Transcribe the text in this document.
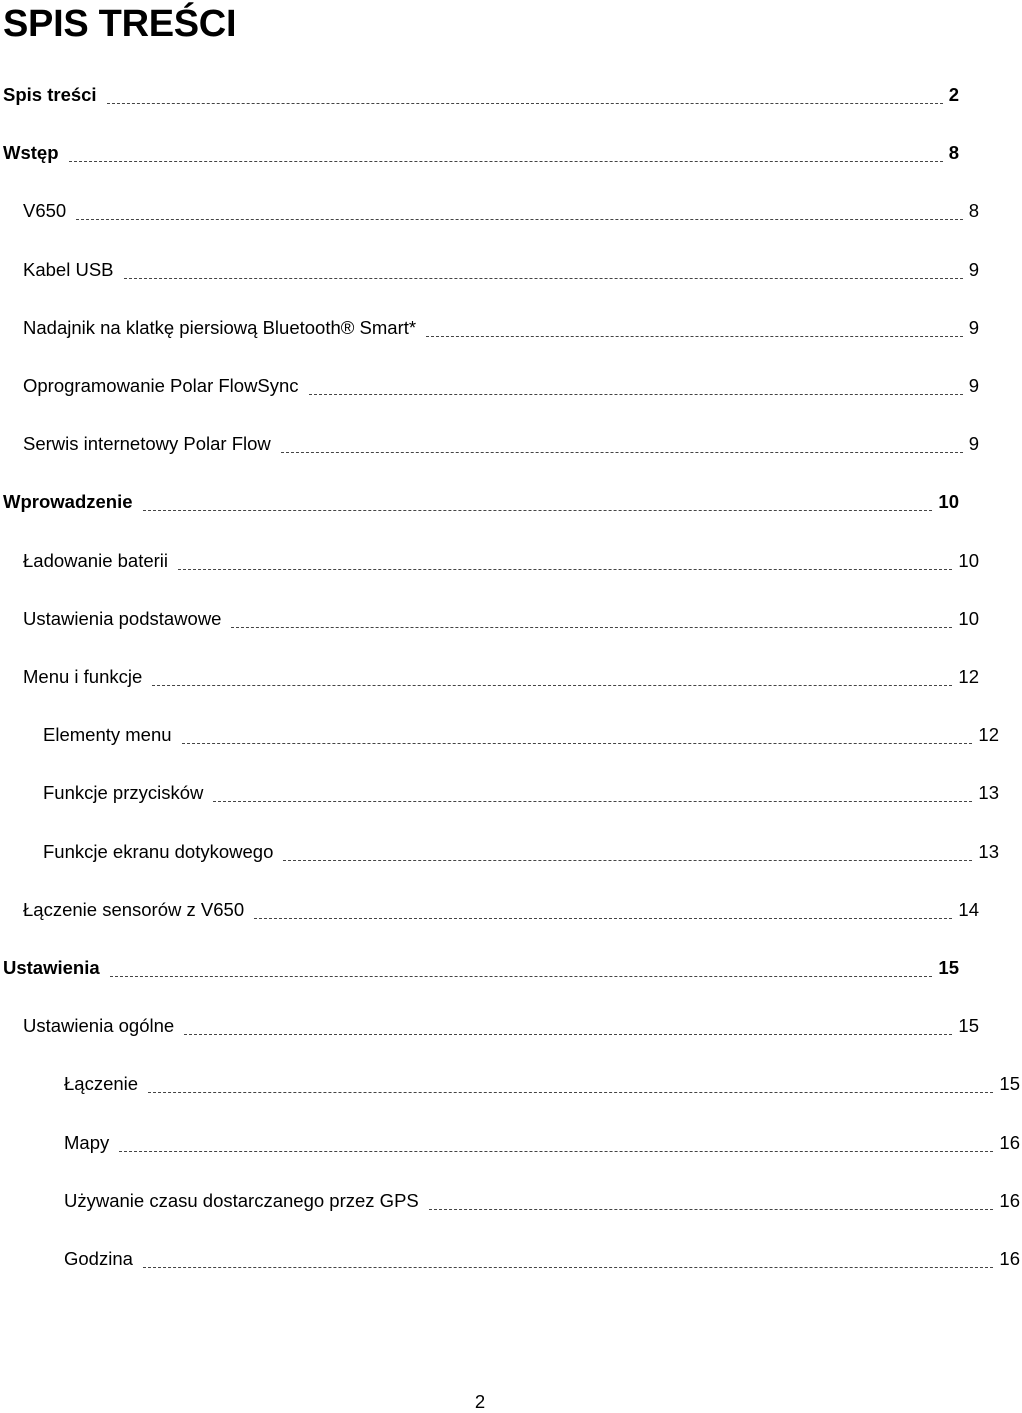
SPIS TREŚCI
Spis treści	2
Wstęp	8
V650	8
Kabel USB	9
Nadajnik na klatkę piersiową Bluetooth® Smart*	9
Oprogramowanie Polar FlowSync	9
Serwis internetowy Polar Flow	9
Wprowadzenie	10
Ładowanie baterii	10
Ustawienia podstawowe	10
Menu i funkcje	12
Elementy menu	12
Funkcje przycisków	13
Funkcje ekranu dotykowego	13
Łączenie sensorów z V650	14
Ustawienia	15
Ustawienia ogólne	15
Łączenie	15
Mapy	16
Używanie czasu dostarczanego przez GPS	16
Godzina	16
2
